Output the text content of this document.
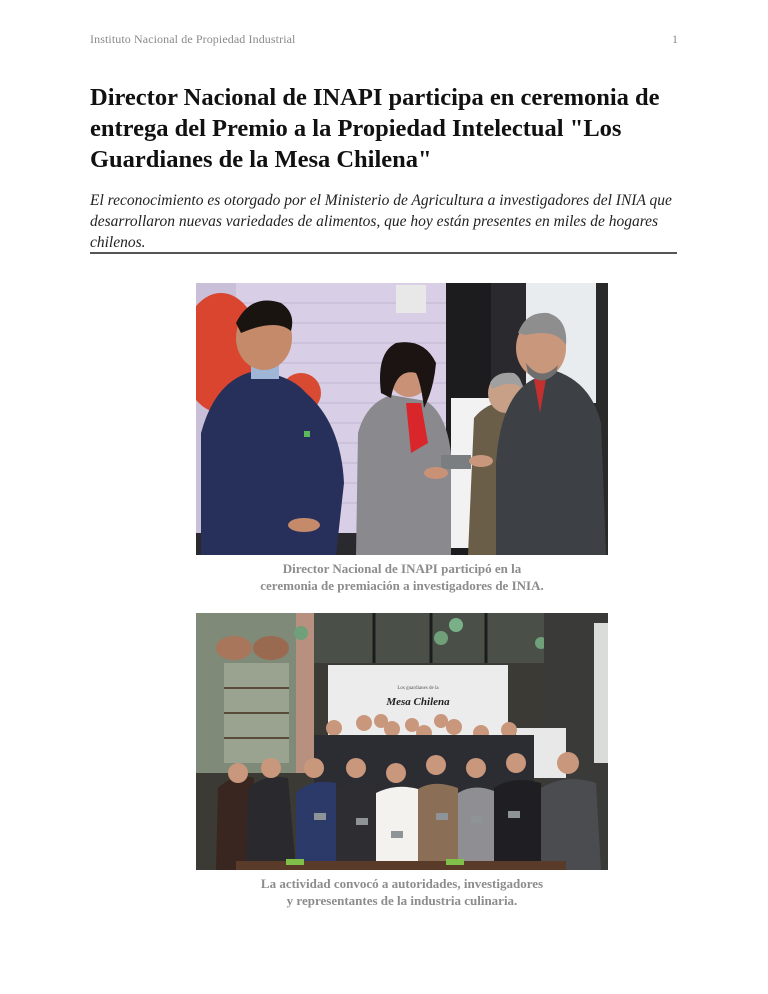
Instituto Nacional de Propiedad Industrial	1
Director Nacional de INAPI participa en ceremonia de entrega del Premio a la Propiedad Intelectual "Los Guardianes de la Mesa Chilena"

El reconocimiento es otorgado por el Ministerio de Agricultura a investigadores del INIA que desarrollaron nuevas variedades de alimentos, que hoy están presentes en miles de hogares chilenos.

Director Nacional de INAPI participó en la
ceremonia de premiación a investigadores de INIA.

Los guardianes de la
Mesa Chilena

La actividad convocó a autoridades, investigadores
y representantes de la industria culinaria.
